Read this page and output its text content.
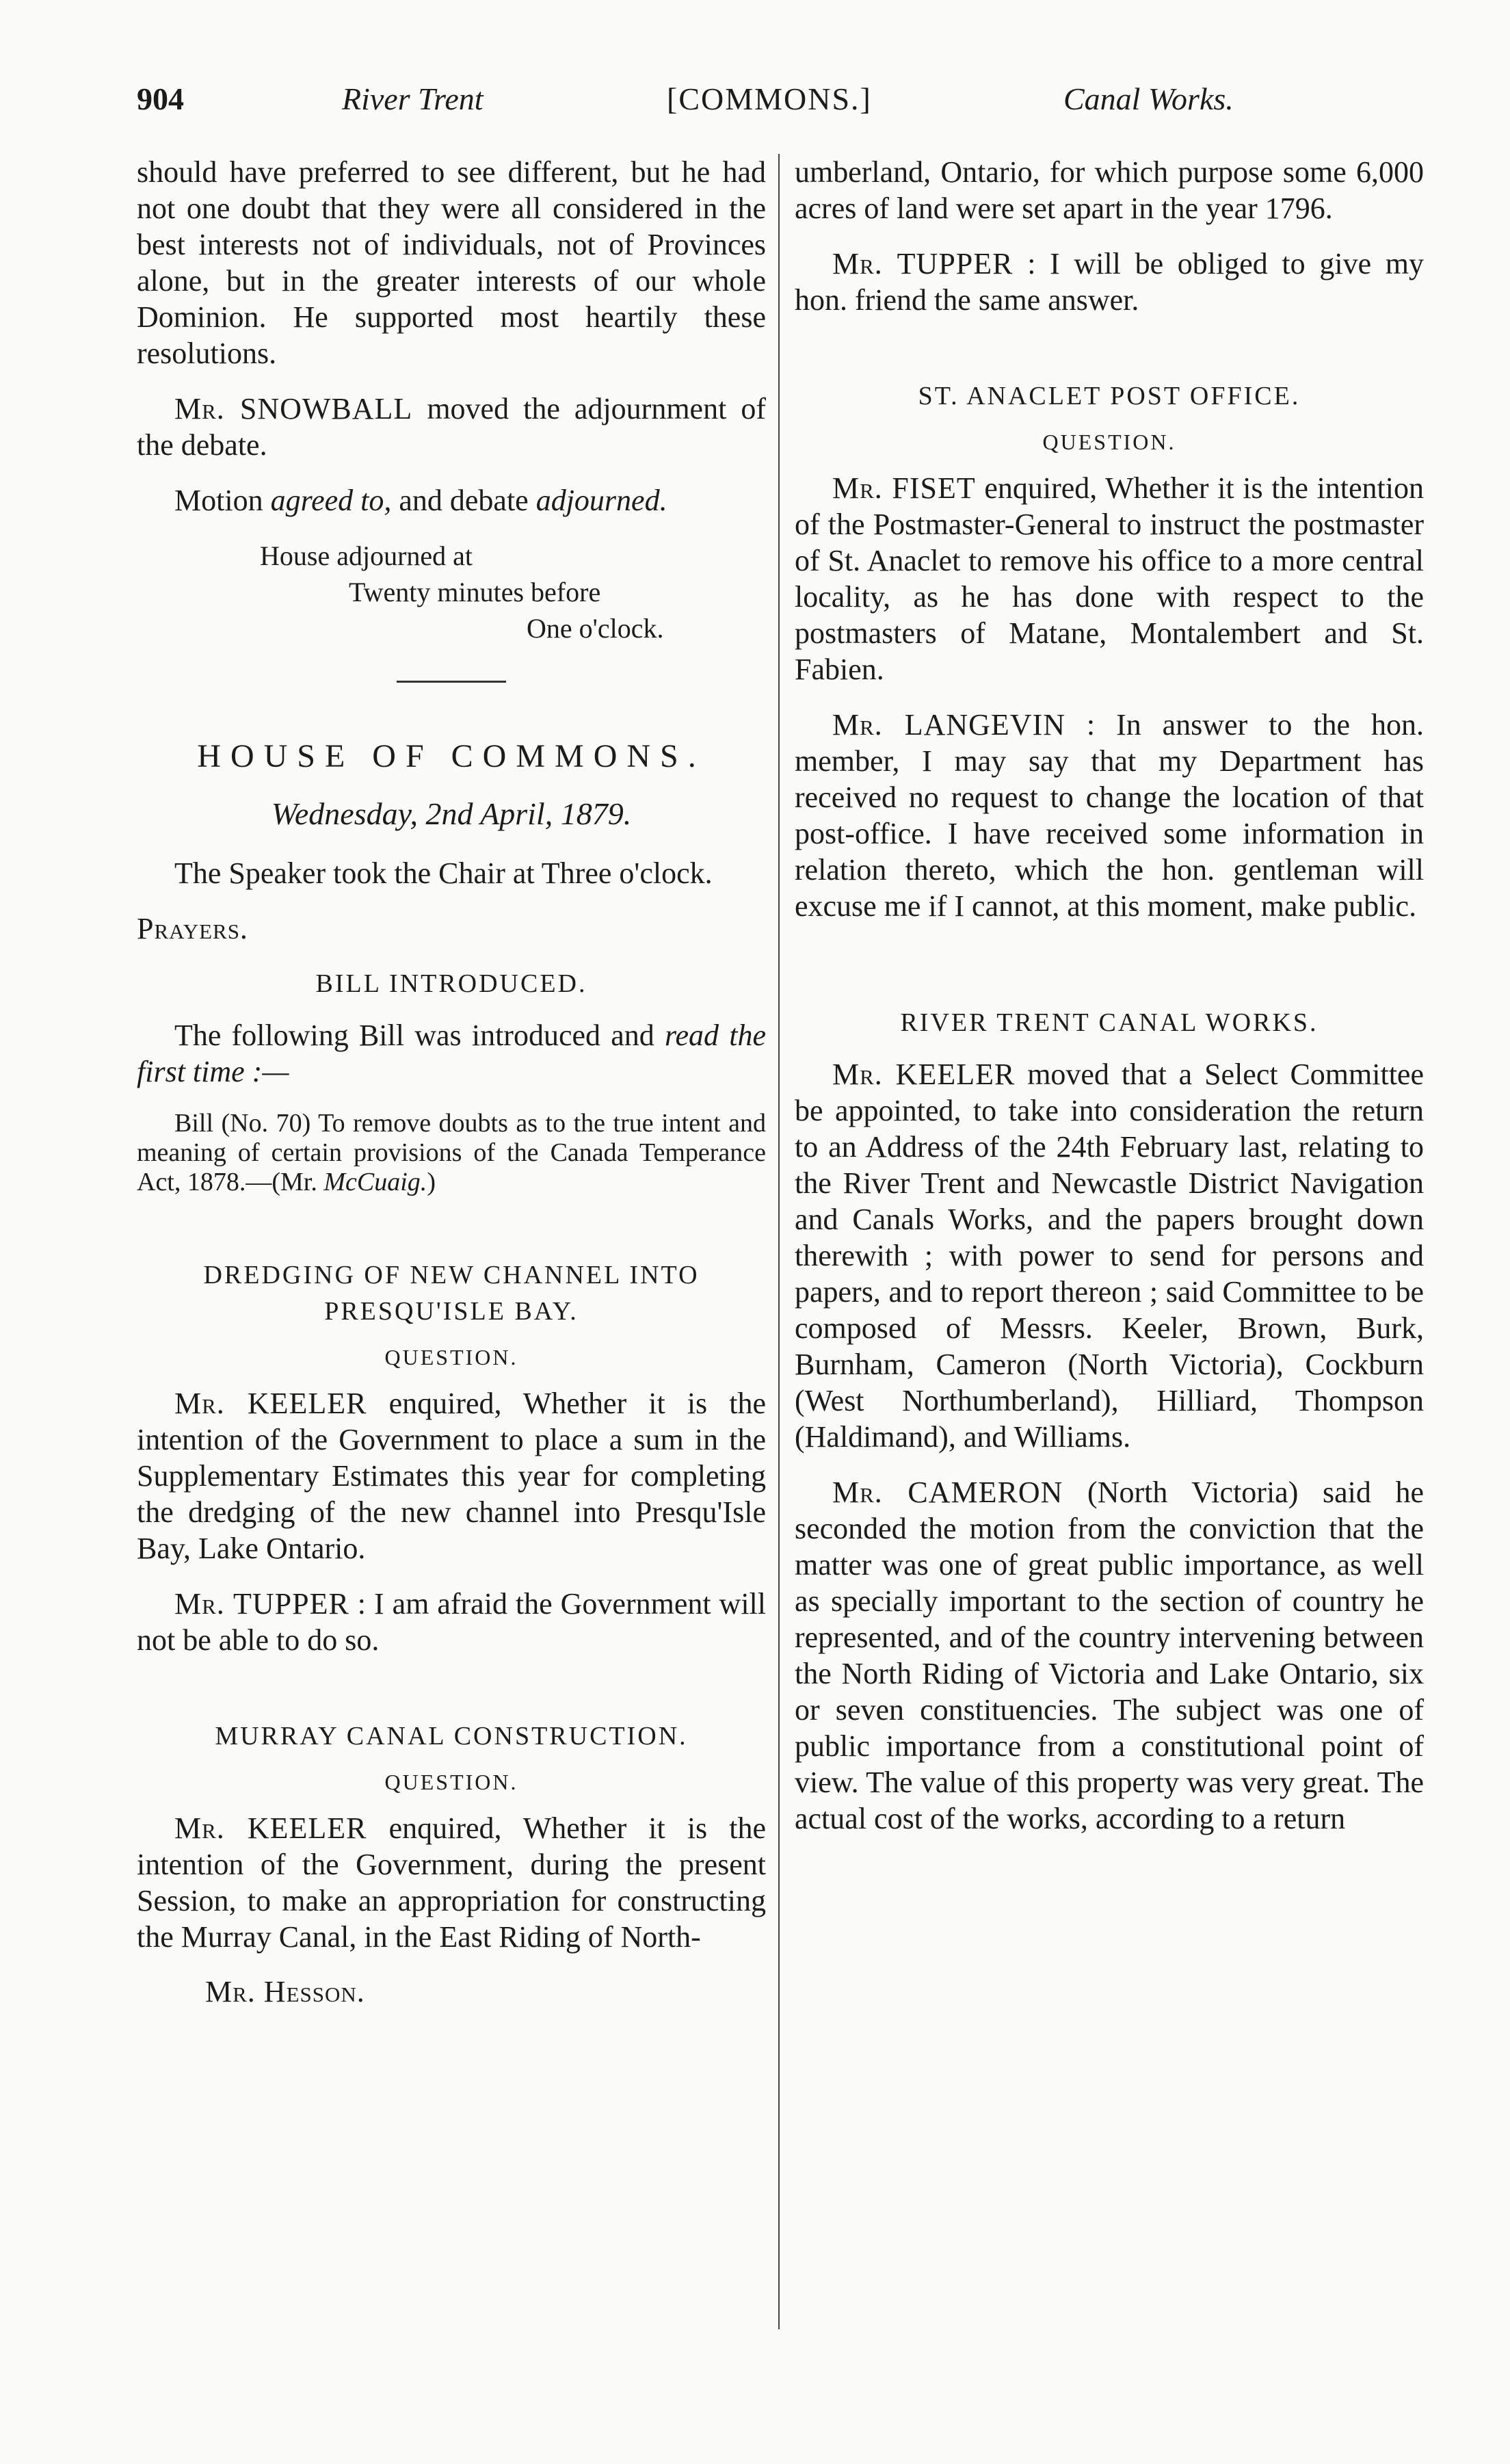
904	River Trent	[COMMONS.]	Canal Works.

should have preferred to see different, but he had not one doubt that they were all considered in the best interests not of individuals, not of Provinces alone, but in the greater interests of our whole Dominion. He supported most heartily these resolutions.

Mr. SNOWBALL moved the adjournment of the debate.

Motion agreed to, and debate adjourned.

House adjourned at
Twenty minutes before
One o'clock.
HOUSE OF COMMONS.
Wednesday, 2nd April, 1879.

The Speaker took the Chair at Three o'clock.

Prayers.

BILL INTRODUCED.

The following Bill was introduced and read the first time :—

Bill (No. 70) To remove doubts as to the true intent and meaning of certain provisions of the Canada Temperance Act, 1878.—(Mr. McCuaig.)
DREDGING OF NEW CHANNEL INTO PRESQU'ISLE BAY.
QUESTION.

Mr. KEELER enquired, Whether it is the intention of the Government to place a sum in the Supplementary Estimates this year for completing the dredging of the new channel into Presqu'Isle Bay, Lake Ontario.

Mr. TUPPER : I am afraid the Government will not be able to do so.

MURRAY CANAL CONSTRUCTION.
QUESTION.

Mr. KEELER enquired, Whether it is the intention of the Government, during the present Session, to make an appropriation for constructing the Murray Canal, in the East Riding of North-

Mr. Hesson.

umberland, Ontario, for which purpose some 6,000 acres of land were set apart in the year 1796.

Mr. TUPPER : I will be obliged to give my hon. friend the same answer.

ST. ANACLET POST OFFICE.
QUESTION.

Mr. FISET enquired, Whether it is the intention of the Postmaster-General to instruct the postmaster of St. Anaclet to remove his office to a more central locality, as he has done with respect to the postmasters of Matane, Montalembert and St. Fabien.

Mr. LANGEVIN : In answer to the hon. member, I may say that my Department has received no request to change the location of that post-office. I have received some information in relation thereto, which the hon. gentleman will excuse me if I cannot, at this moment, make public.

RIVER TRENT CANAL WORKS.

Mr. KEELER moved that a Select Committee be appointed, to take into consideration the return to an Address of the 24th February last, relating to the River Trent and Newcastle District Navigation and Canals Works, and the papers brought down therewith ; with power to send for persons and papers, and to report thereon ; said Committee to be composed of Messrs. Keeler, Brown, Burk, Burnham, Cameron (North Victoria), Cockburn (West Northumberland), Hilliard, Thompson (Haldimand), and Williams.

Mr. CAMERON (North Victoria) said he seconded the motion from the conviction that the matter was one of great public importance, as well as specially important to the section of country he represented, and of the country intervening between the North Riding of Victoria and Lake Ontario, six or seven constituencies. The subject was one of public importance from a constitutional point of view. The value of this property was very great. The actual cost of the works, according to a return
